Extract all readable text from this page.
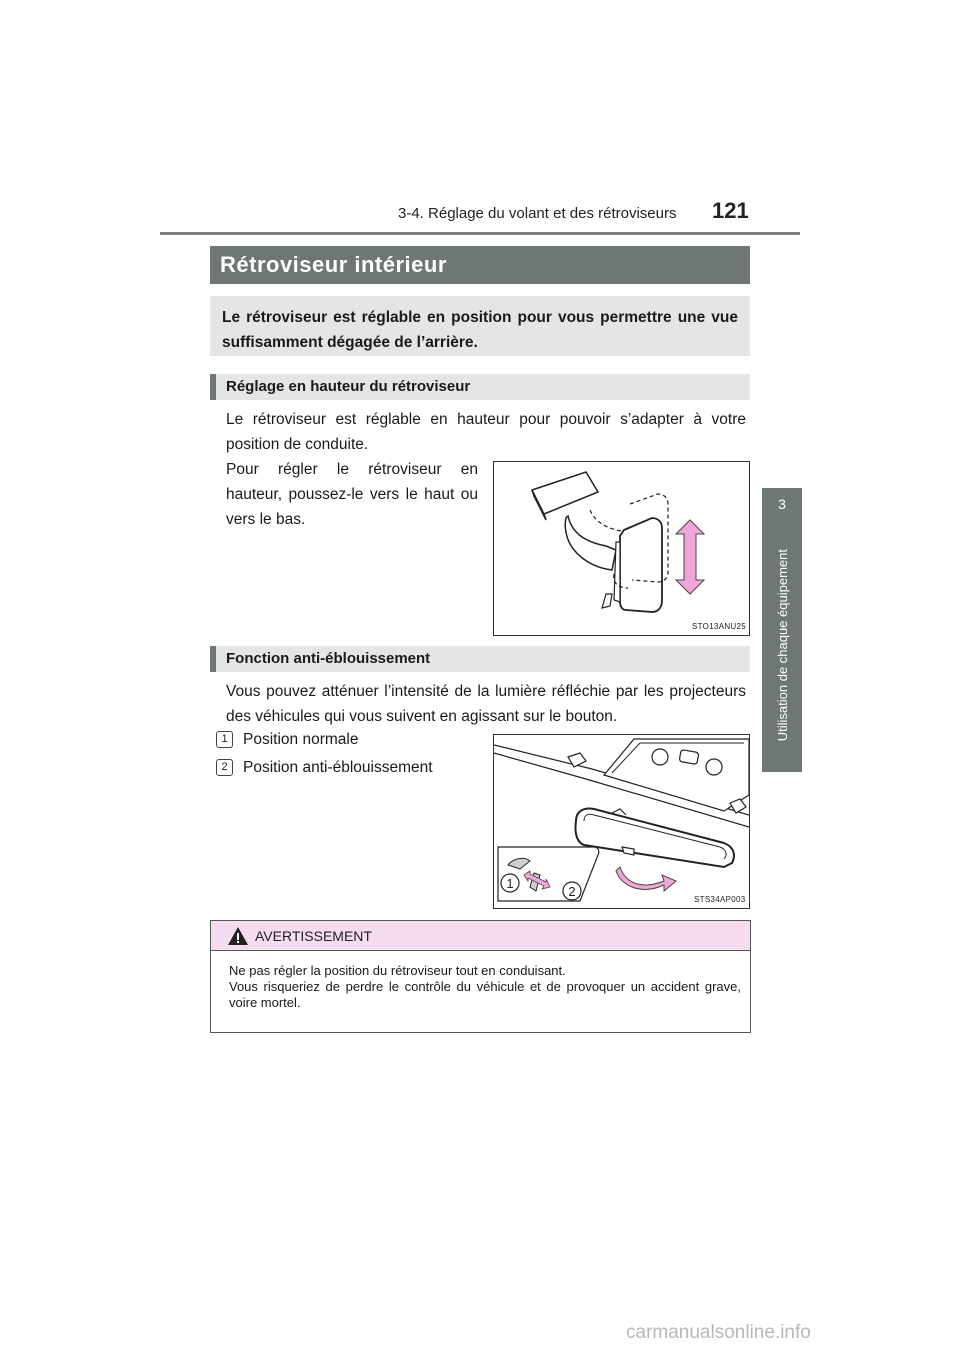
3-4. Réglage du volant et des rétroviseurs 121
3
Utilisation de chaque équipement
Rétroviseur intérieur
Le rétroviseur est réglable en position pour vous permettre une vue suffisamment dégagée de l’arrière.
Réglage en hauteur du rétroviseur
Le rétroviseur est réglable en hauteur pour pouvoir s’adapter à votre position de conduite.
Pour régler le rétroviseur en hauteur, poussez-le vers le haut ou vers le bas.
STO13ANU25
Fonction anti-éblouissement
Vous pouvez atténuer l’intensité de la lumière réfléchie par les projecteurs des véhicules qui vous suivent en agissant sur le bouton.
1 Position normale
2 Position anti-éblouissement
1
2
STS34AP003
AVERTISSEMENT
Ne pas régler la position du rétroviseur tout en conduisant.
Vous risqueriez de perdre le contrôle du véhicule et de provoquer un accident grave, voire mortel.
carmanualsonline.info
